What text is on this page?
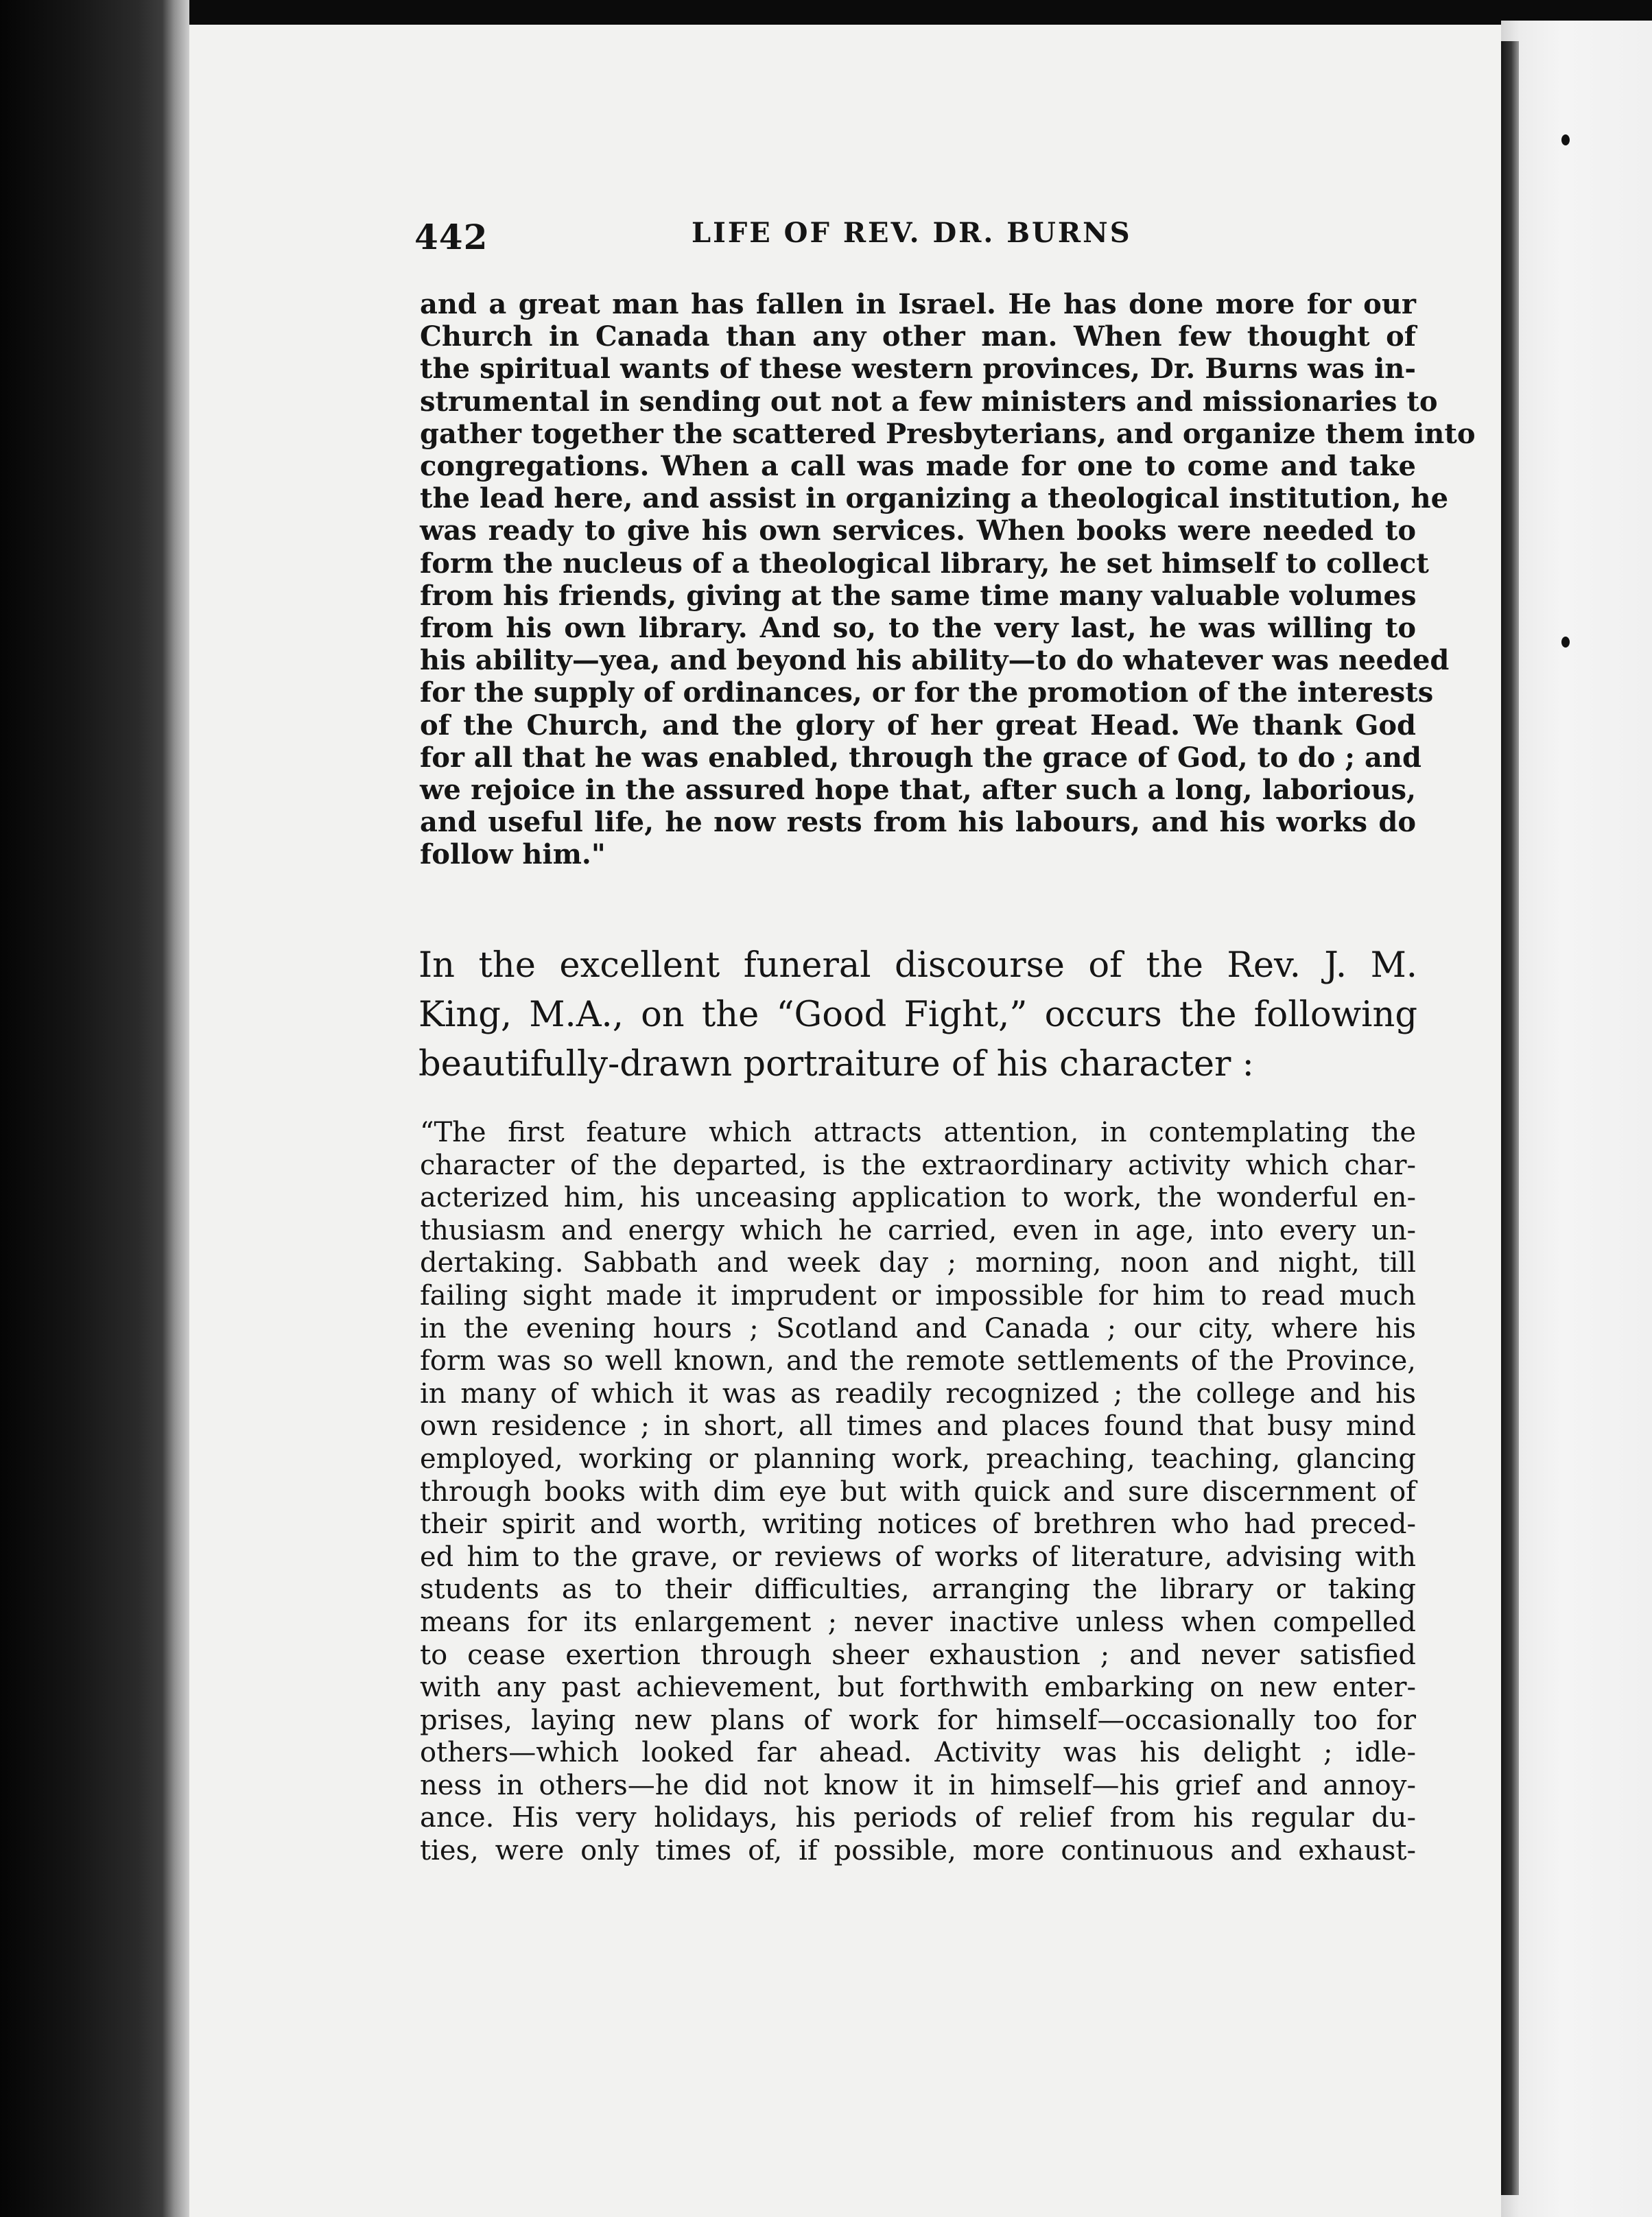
442	LIFE OF REV. DR. BURNS
and a great man has fallen in Israel. He has done more for our
Church in Canada than any other man. When few thought of
the spiritual wants of these western provinces, Dr. Burns was in-
strumental in sending out not a few ministers and missionaries to
gather together the scattered Presbyterians, and organize them into
congregations. When a call was made for one to come and take
the lead here, and assist in organizing a theological institution, he
was ready to give his own services. When books were needed to
form the nucleus of a theological library, he set himself to collect
from his friends, giving at the same time many valuable volumes
from his own library. And so, to the very last, he was willing to
his ability—yea, and beyond his ability—to do whatever was needed
for the supply of ordinances, or for the promotion of the interests
of the Church, and the glory of her great Head. We thank God
for all that he was enabled, through the grace of God, to do ; and
we rejoice in the assured hope that, after such a long, laborious,
and useful life, he now rests from his labours, and his works do
follow him."
In the excellent funeral discourse of the Rev. J. M.
King, M.A., on the “Good Fight,” occurs the following
beautifully-drawn portraiture of his character :
“The first feature which attracts attention, in contemplating the
character of the departed, is the extraordinary activity which char-
acterized him, his unceasing application to work, the wonderful en-
thusiasm and energy which he carried, even in age, into every un-
dertaking. Sabbath and week day ; morning, noon and night, till
failing sight made it imprudent or impossible for him to read much
in the evening hours ; Scotland and Canada ; our city, where his
form was so well known, and the remote settlements of the Province,
in many of which it was as readily recognized ; the college and his
own residence ; in short, all times and places found that busy mind
employed, working or planning work, preaching, teaching, glancing
through books with dim eye but with quick and sure discernment of
their spirit and worth, writing notices of brethren who had preced-
ed him to the grave, or reviews of works of literature, advising with
students as to their difficulties, arranging the library or taking
means for its enlargement ; never inactive unless when compelled
to cease exertion through sheer exhaustion ; and never satisfied
with any past achievement, but forthwith embarking on new enter-
prises, laying new plans of work for himself—occasionally too for
others—which looked far ahead. Activity was his delight ; idle-
ness in others—he did not know it in himself—his grief and annoy-
ance. His very holidays, his periods of relief from his regular du-
ties, were only times of, if possible, more continuous and exhaust-
